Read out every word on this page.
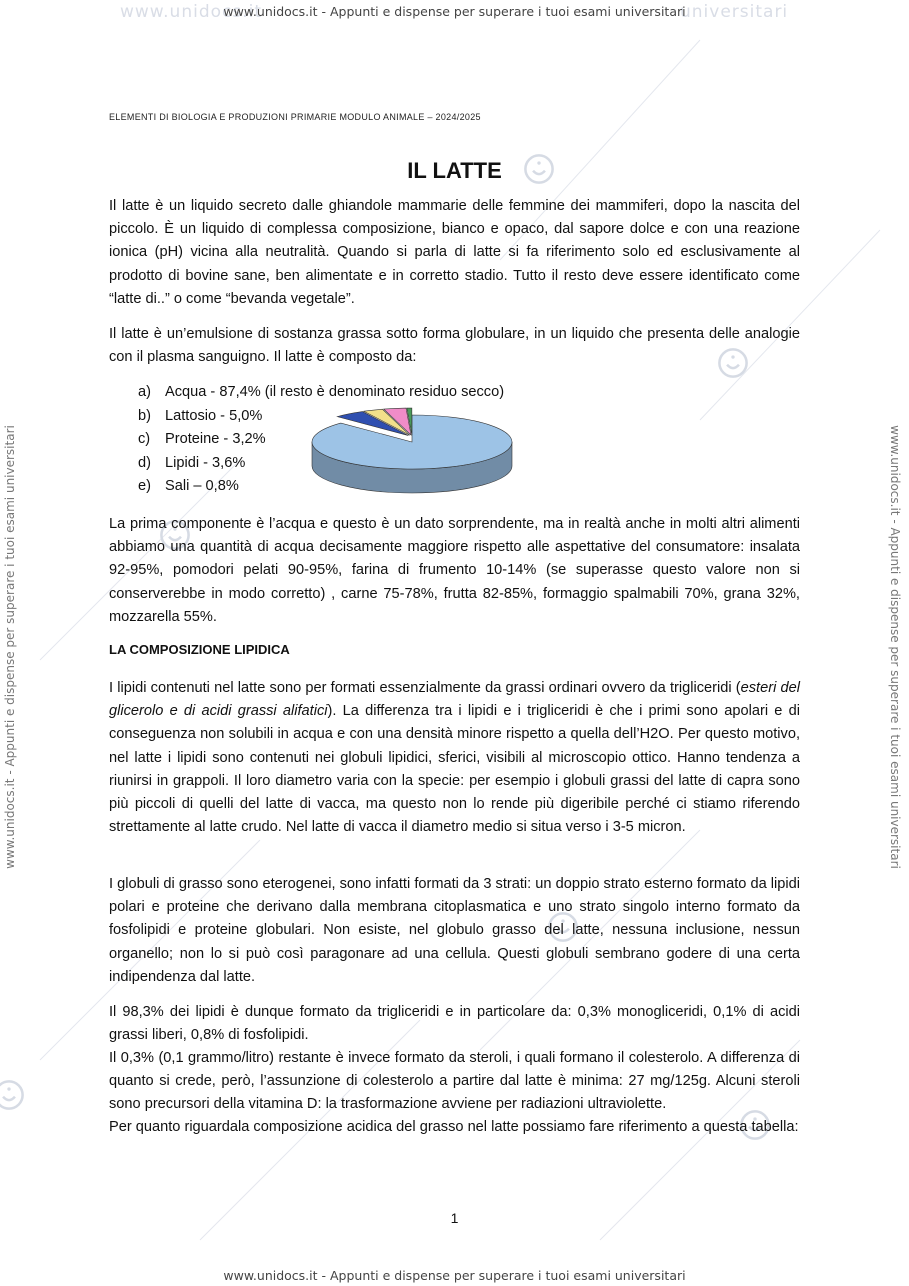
www.unidocs.it	universitari
www.unidocs.it - Appunti e dispense per superare i tuoi esami universitari
www.unidocs.it - Appunti e dispense per superare i tuoi esami universitari
www.unidocs.it - Appunti e dispense per superare i tuoi esami universitari	www.unidocs.it - Appunti e dispense per superare i tuoi esami universitari
ELEMENTI DI BIOLOGIA E PRODUZIONI PRIMARIE MODULO ANIMALE – 2024/2025
IL LATTE
Il latte è un liquido secreto dalle ghiandole mammarie delle femmine dei mammiferi, dopo la nascita del piccolo. È un liquido di complessa composizione, bianco e opaco, dal sapore dolce e con una reazione ionica (pH) vicina alla neutralità. Quando si parla di latte si fa riferimento solo ed esclusivamente al prodotto di bovine sane, ben alimentate e in corretto stadio. Tutto il resto deve essere identificato come “latte di..” o come “bevanda vegetale”.
Il latte è un’emulsione di sostanza grassa sotto forma globulare, in un liquido che presenta delle analogie con il plasma sanguigno. Il latte è composto da:
a) Acqua - 87,4% (il resto è denominato residuo secco)
b) Lattosio - 5,0%
c)	Proteine - 3,2%
d) Lipidi - 3,6%
e) Sali – 0,8%
La prima componente è l’acqua e questo è un dato sorprendente, ma in realtà anche in molti altri alimenti abbiamo una quantità di acqua decisamente maggiore rispetto alle aspettative del consumatore: insalata 92-95%, pomodori pelati 90-95%, farina di frumento 10-14% (se superasse questo valore non si conserverebbe in modo corretto) , carne 75-78%, frutta 82-85%, formaggio spalmabili 70%, grana 32%, mozzarella 55%.
LA COMPOSIZIONE LIPIDICA
I lipidi contenuti nel latte sono per formati essenzialmente da grassi ordinari ovvero da trigliceridi (esteri del glicerolo e di acidi grassi alifatici). La differenza tra i lipidi e i trigliceridi è che i primi sono apolari e di conseguenza non solubili in acqua e con una densità minore rispetto a quella dell’H2O. Per questo motivo, nel latte i lipidi sono contenuti nei globuli lipidici, sferici, visibili al microscopio ottico. Hanno tendenza a riunirsi in grappoli. Il loro diametro varia con la specie: per esempio i globuli grassi del latte di capra sono più piccoli di quelli del latte di vacca, ma questo non lo rende più digeribile perché ci stiamo riferendo strettamente al latte crudo. Nel latte di vacca il diametro medio si situa verso i 3-5 micron.
I globuli di grasso sono eterogenei, sono infatti formati da 3 strati: un doppio strato esterno formato da lipidi polari e proteine che derivano dalla membrana citoplasmatica e uno strato singolo interno formato da fosfolipidi e proteine globulari. Non esiste, nel globulo grasso del latte, nessuna inclusione, nessun organello; non lo si può così paragonare ad una cellula. Questi globuli sembrano godere di una certa indipendenza dal latte.
Il 98,3% dei lipidi è dunque formato da trigliceridi e in particolare da: 0,3% monogliceridi, 0,1% di acidi grassi liberi, 0,8% di fosfolipidi.
Il 0,3% (0,1 grammo/litro) restante è invece formato da steroli, i quali formano il colesterolo. A differenza di quanto si crede, però, l’assunzione di colesterolo a partire dal latte è minima: 27 mg/125g. Alcuni steroli sono precursori della vitamina D: la trasformazione avviene per radiazioni ultraviolette.
Per quanto riguardala composizione acidica del grasso nel latte possiamo fare riferimento a questa tabella:
1
